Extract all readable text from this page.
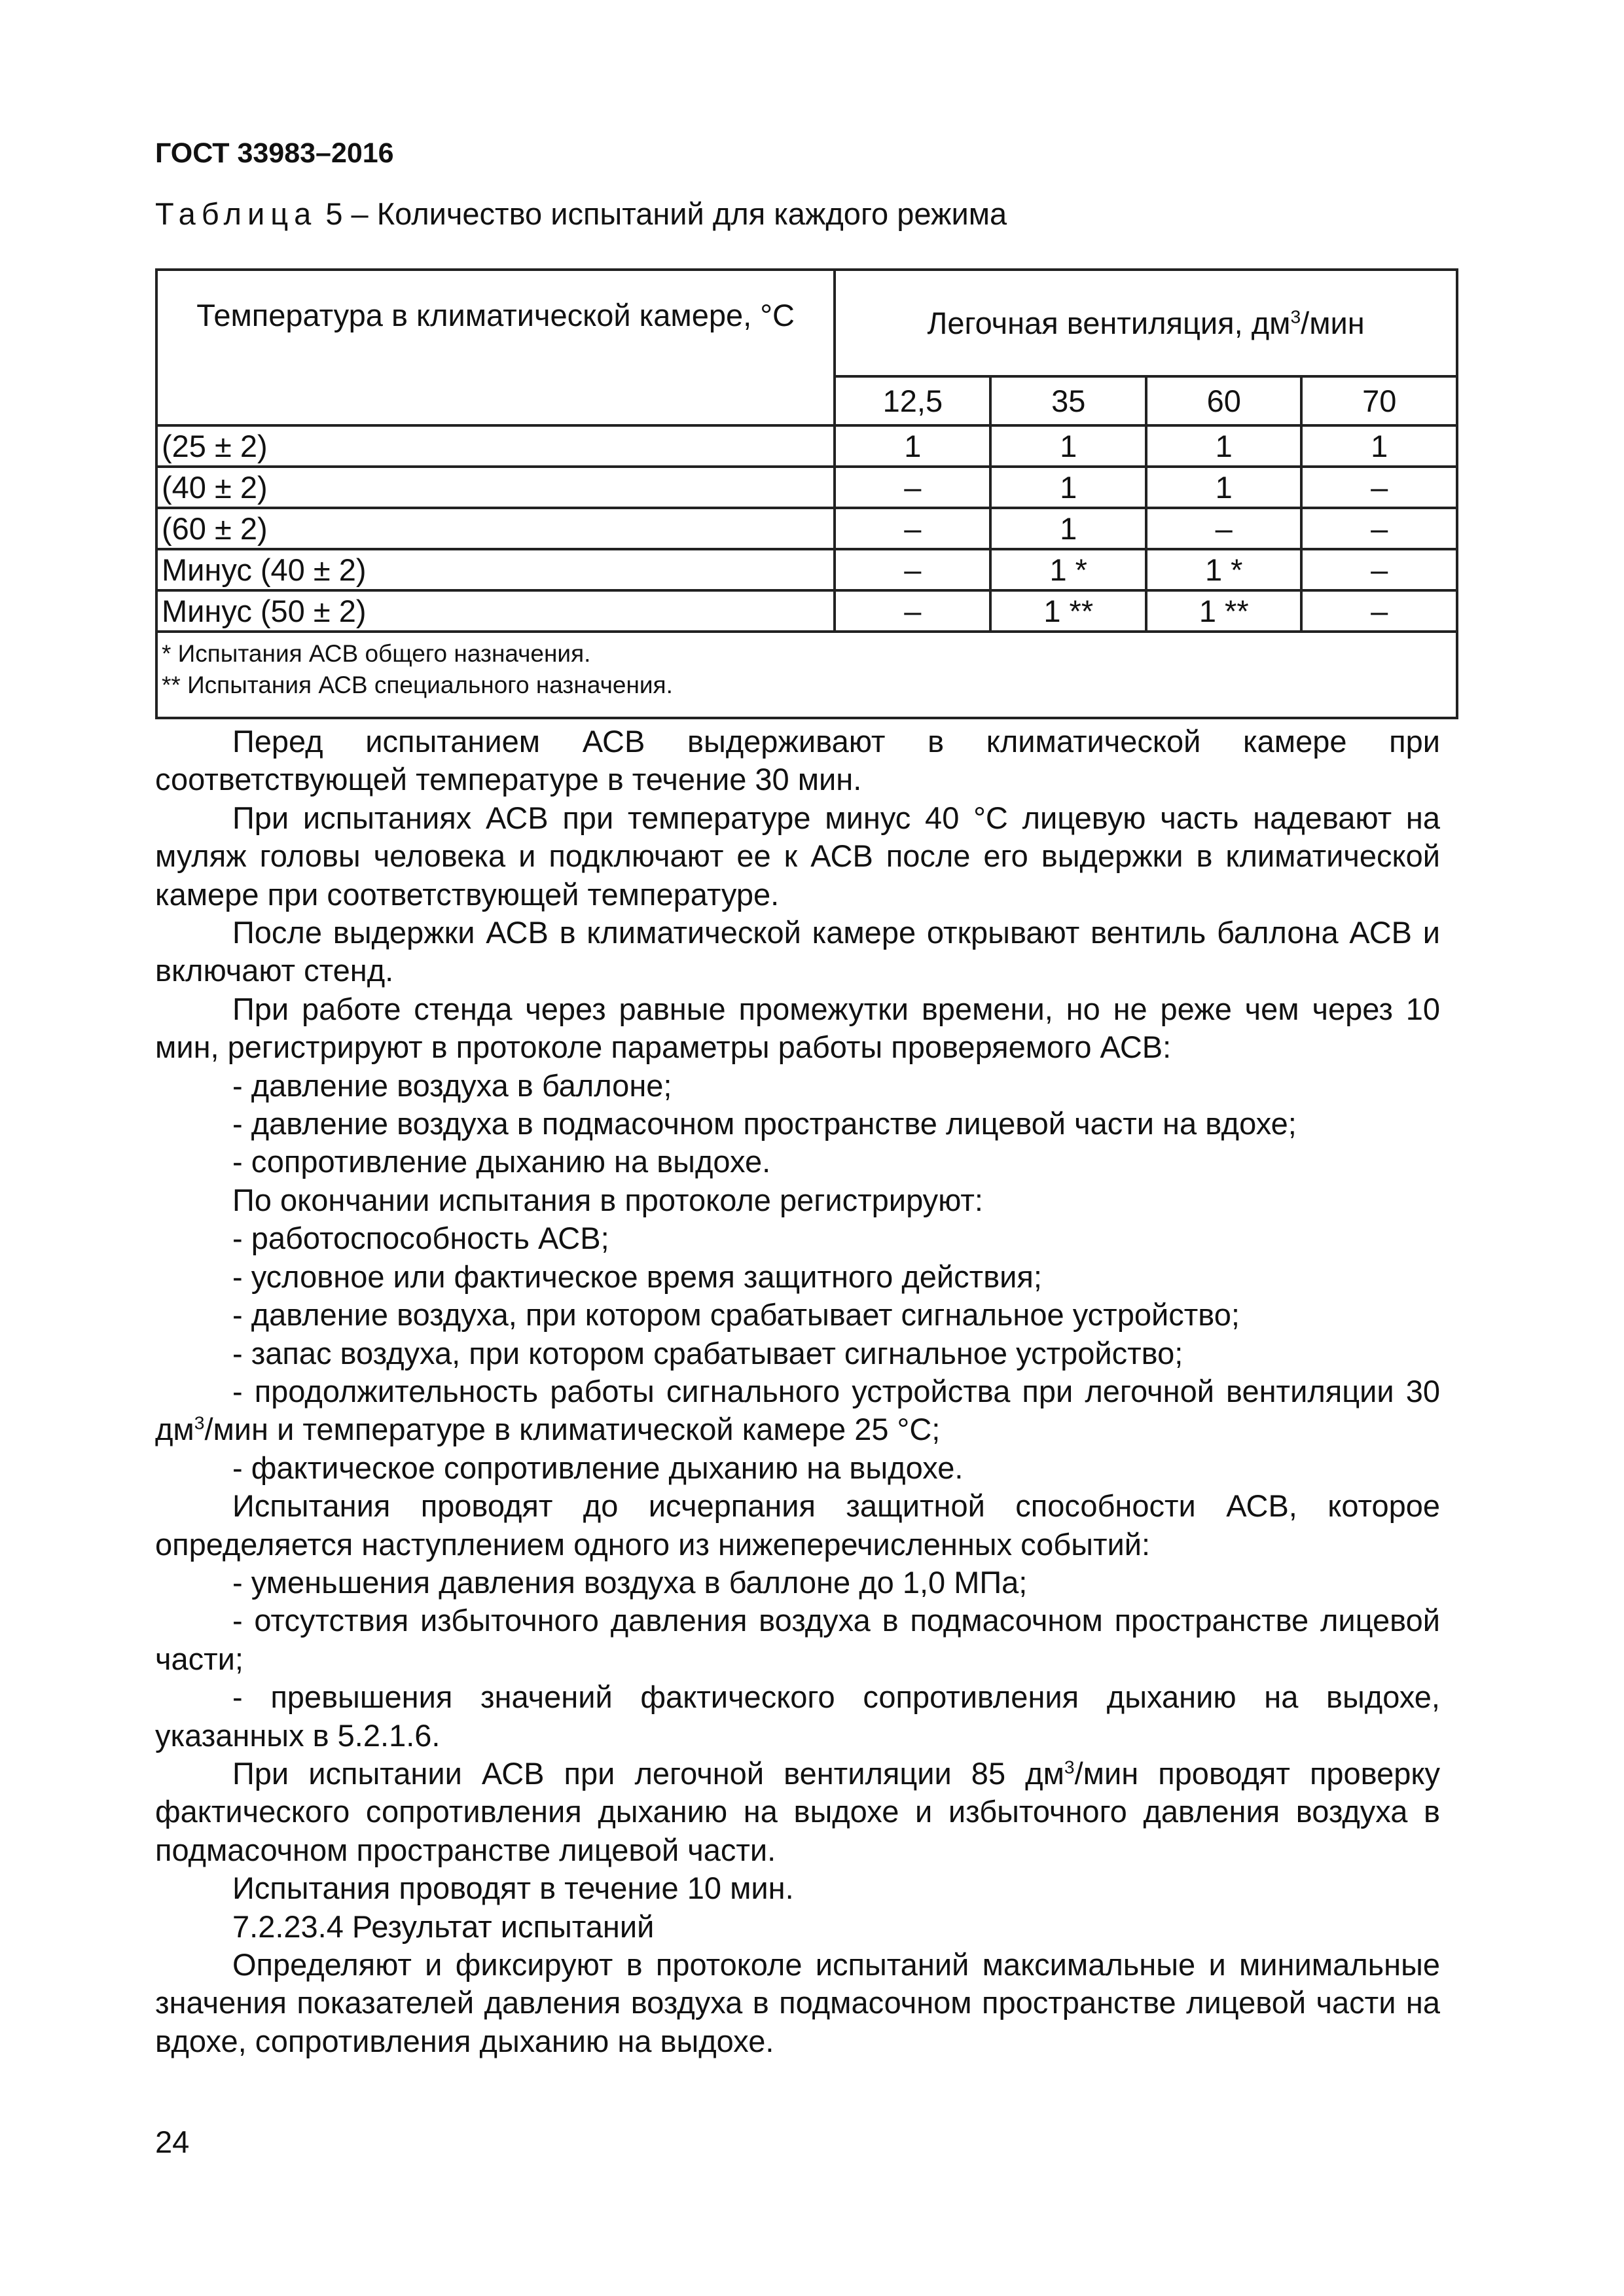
ГОСТ 33983–2016
Таблица 5 – Количество испытаний для каждого режима
Температура в климатической камере, °С	Легочная вентиляция, $дм^3$/мин			
	12,5	35	60	70
(25 ± 2)	1	1	1	1
(40 ± 2)	–	1	1	–
(60 ± 2)	–	1	–	–
Минус (40 ± 2)	–	1 *	1 *	–
Минус (50 ± 2)	–	1 **	1 **	–

* Испытания АСВ общего назначения.
** Испытания АСВ специального назначения.				

Перед испытанием АСВ выдерживают в климатической камере при соответствующей температуре в течение 30 мин.

При испытаниях АСВ при температуре минус 40 °С лицевую часть надевают на муляж головы человека и подключают ее к АСВ после его выдержки в климатической камере при соответствующей температуре.

После выдержки АСВ в климатической камере открывают вентиль баллона АСВ и включают стенд.

При работе стенда через равные промежутки времени, но не реже чем через 10 мин, регистрируют в протоколе параметры работы проверяемого АСВ:

- давление воздуха в баллоне;

- давление воздуха в подмасочном пространстве лицевой части на вдохе;

- сопротивление дыханию на выдохе.

По окончании испытания в протоколе регистрируют:

- работоспособность АСВ;

- условное или фактическое время защитного действия;

- давление воздуха, при котором срабатывает сигнальное устройство;

- запас воздуха, при котором срабатывает сигнальное устройство;

- продолжительность работы сигнального устройства при легочной вентиляции 30 $дм^3$/мин и температуре в климатической камере 25 °С;

- фактическое сопротивление дыханию на выдохе.

Испытания проводят до исчерпания защитной способности АСВ, которое определяется наступлением одного из нижеперечисленных событий:

- уменьшения давления воздуха в баллоне до 1,0 МПа;

- отсутствия избыточного давления воздуха в подмасочном пространстве лицевой части;

- превышения значений фактического сопротивления дыханию на выдохе, указанных в 5.2.1.6.

При испытании АСВ при легочной вентиляции 85 $дм^3$/мин проводят проверку фактического сопротивления дыханию на выдохе и избыточного давления воздуха в подмасочном пространстве лицевой части.

Испытания проводят в течение 10 мин.

7.2.23.4 Результат испытаний

Определяют и фиксируют в протоколе испытаний максимальные и минимальные значения показателей давления воздуха в подмасочном пространстве лицевой части на вдохе, сопротивления дыханию на выдохе.

24
